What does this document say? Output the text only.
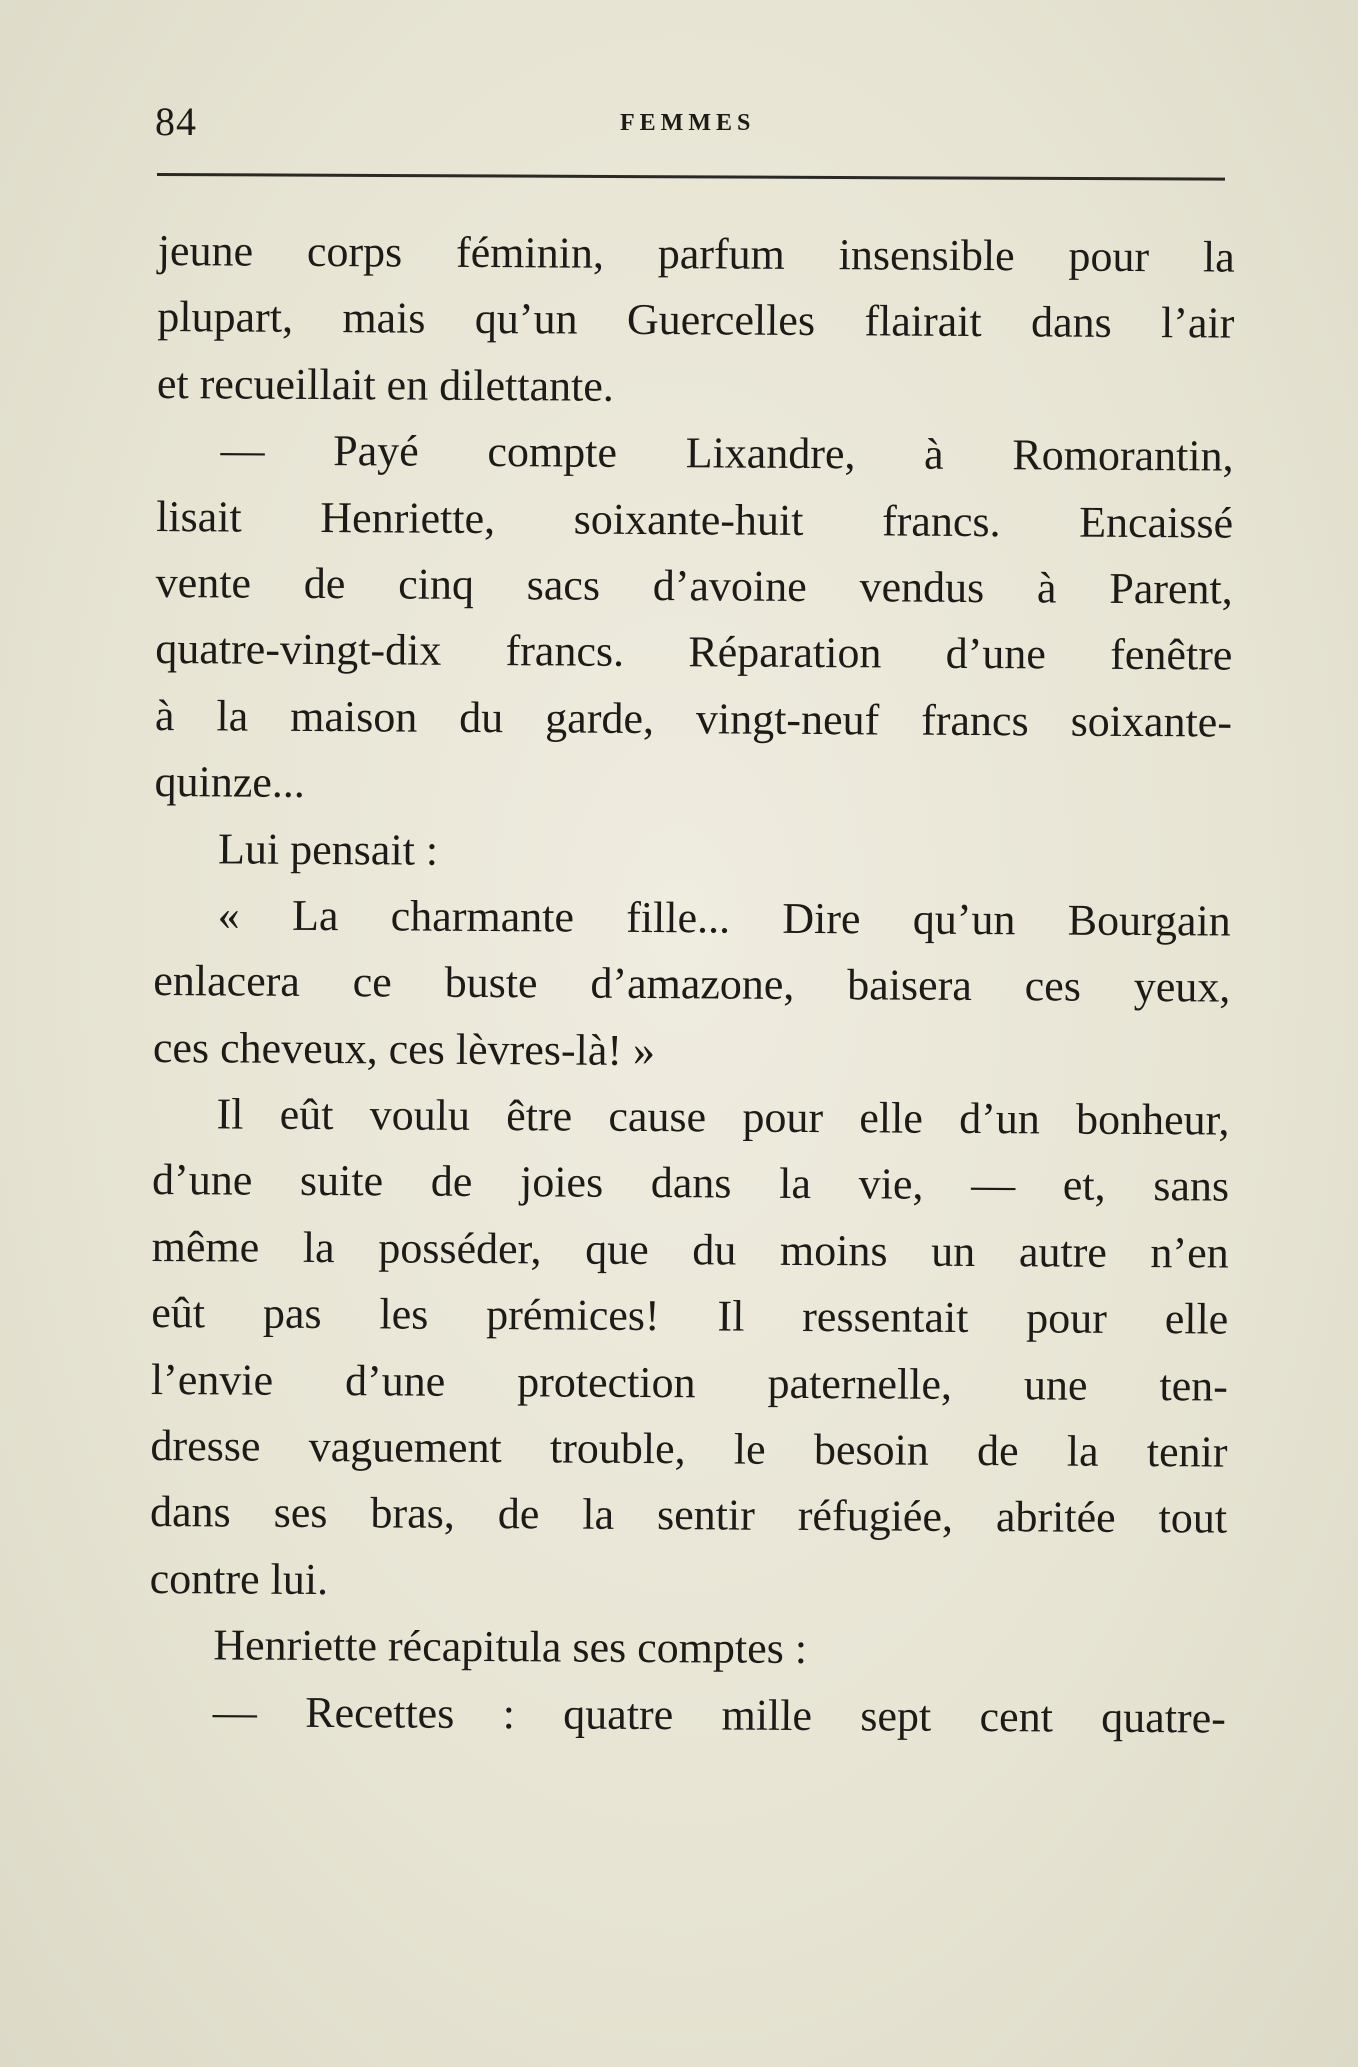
84	FEMMES
jeune corps féminin, parfum insensible pour la
plupart, mais qu’un Guercelles flairait dans l’air
et recueillait en dilettante.
— Payé compte Lixandre, à Romorantin,
lisait Henriette, soixante-huit francs. Encaissé
vente de cinq sacs d’avoine vendus à Parent,
quatre-vingt-dix francs. Réparation d’une fenêtre
à la maison du garde, vingt-neuf francs soixante-
quinze...
Lui pensait :
« La charmante fille... Dire qu’un Bourgain
enlacera ce buste d’amazone, baisera ces yeux,
ces cheveux, ces lèvres-là! »
Il eût voulu être cause pour elle d’un bonheur,
d’une suite de joies dans la vie, — et, sans
même la posséder, que du moins un autre n’en
eût pas les prémices! Il ressentait pour elle
l’envie d’une protection paternelle, une ten-
dresse vaguement trouble, le besoin de la tenir
dans ses bras, de la sentir réfugiée, abritée tout
contre lui.
Henriette récapitula ses comptes :
— Recettes : quatre mille sept cent quatre-
